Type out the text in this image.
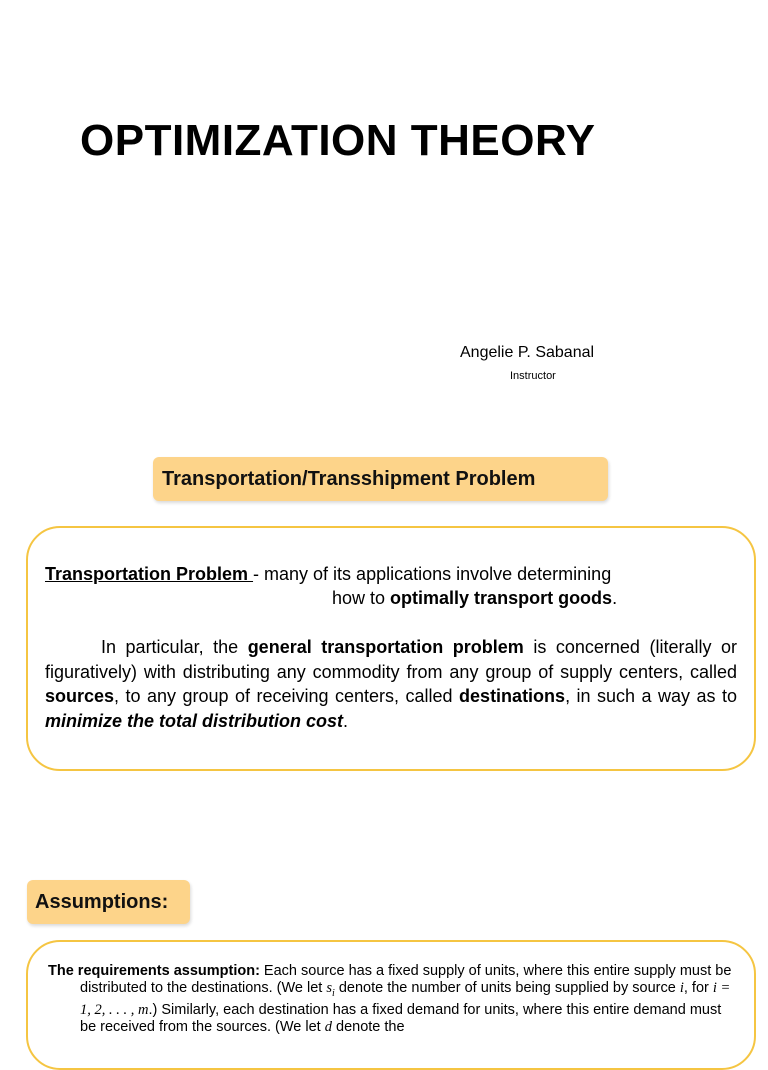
OPTIMIZATION THEORY
Angelie P. Sabanal
Instructor
Transportation/Transshipment Problem
Transportation Problem - many of its applications involve determining
how to optimally transport goods.
In particular, the general transportation problem is concerned (literally or figuratively) with distributing any commodity from any group of supply centers, called sources, to any group of receiving centers, called destinations, in such a way as to minimize the total distribution cost.
Assumptions:
The requirements assumption: Each source has a fixed supply of units, where this entire supply must be distributed to the destinations. (We let $s_i$ denote the number of units being supplied by source i, for i = 1, 2, . . . , m.) Similarly, each destination has a fixed demand for units, where this entire demand must be received from the sources. (We let d denote the
